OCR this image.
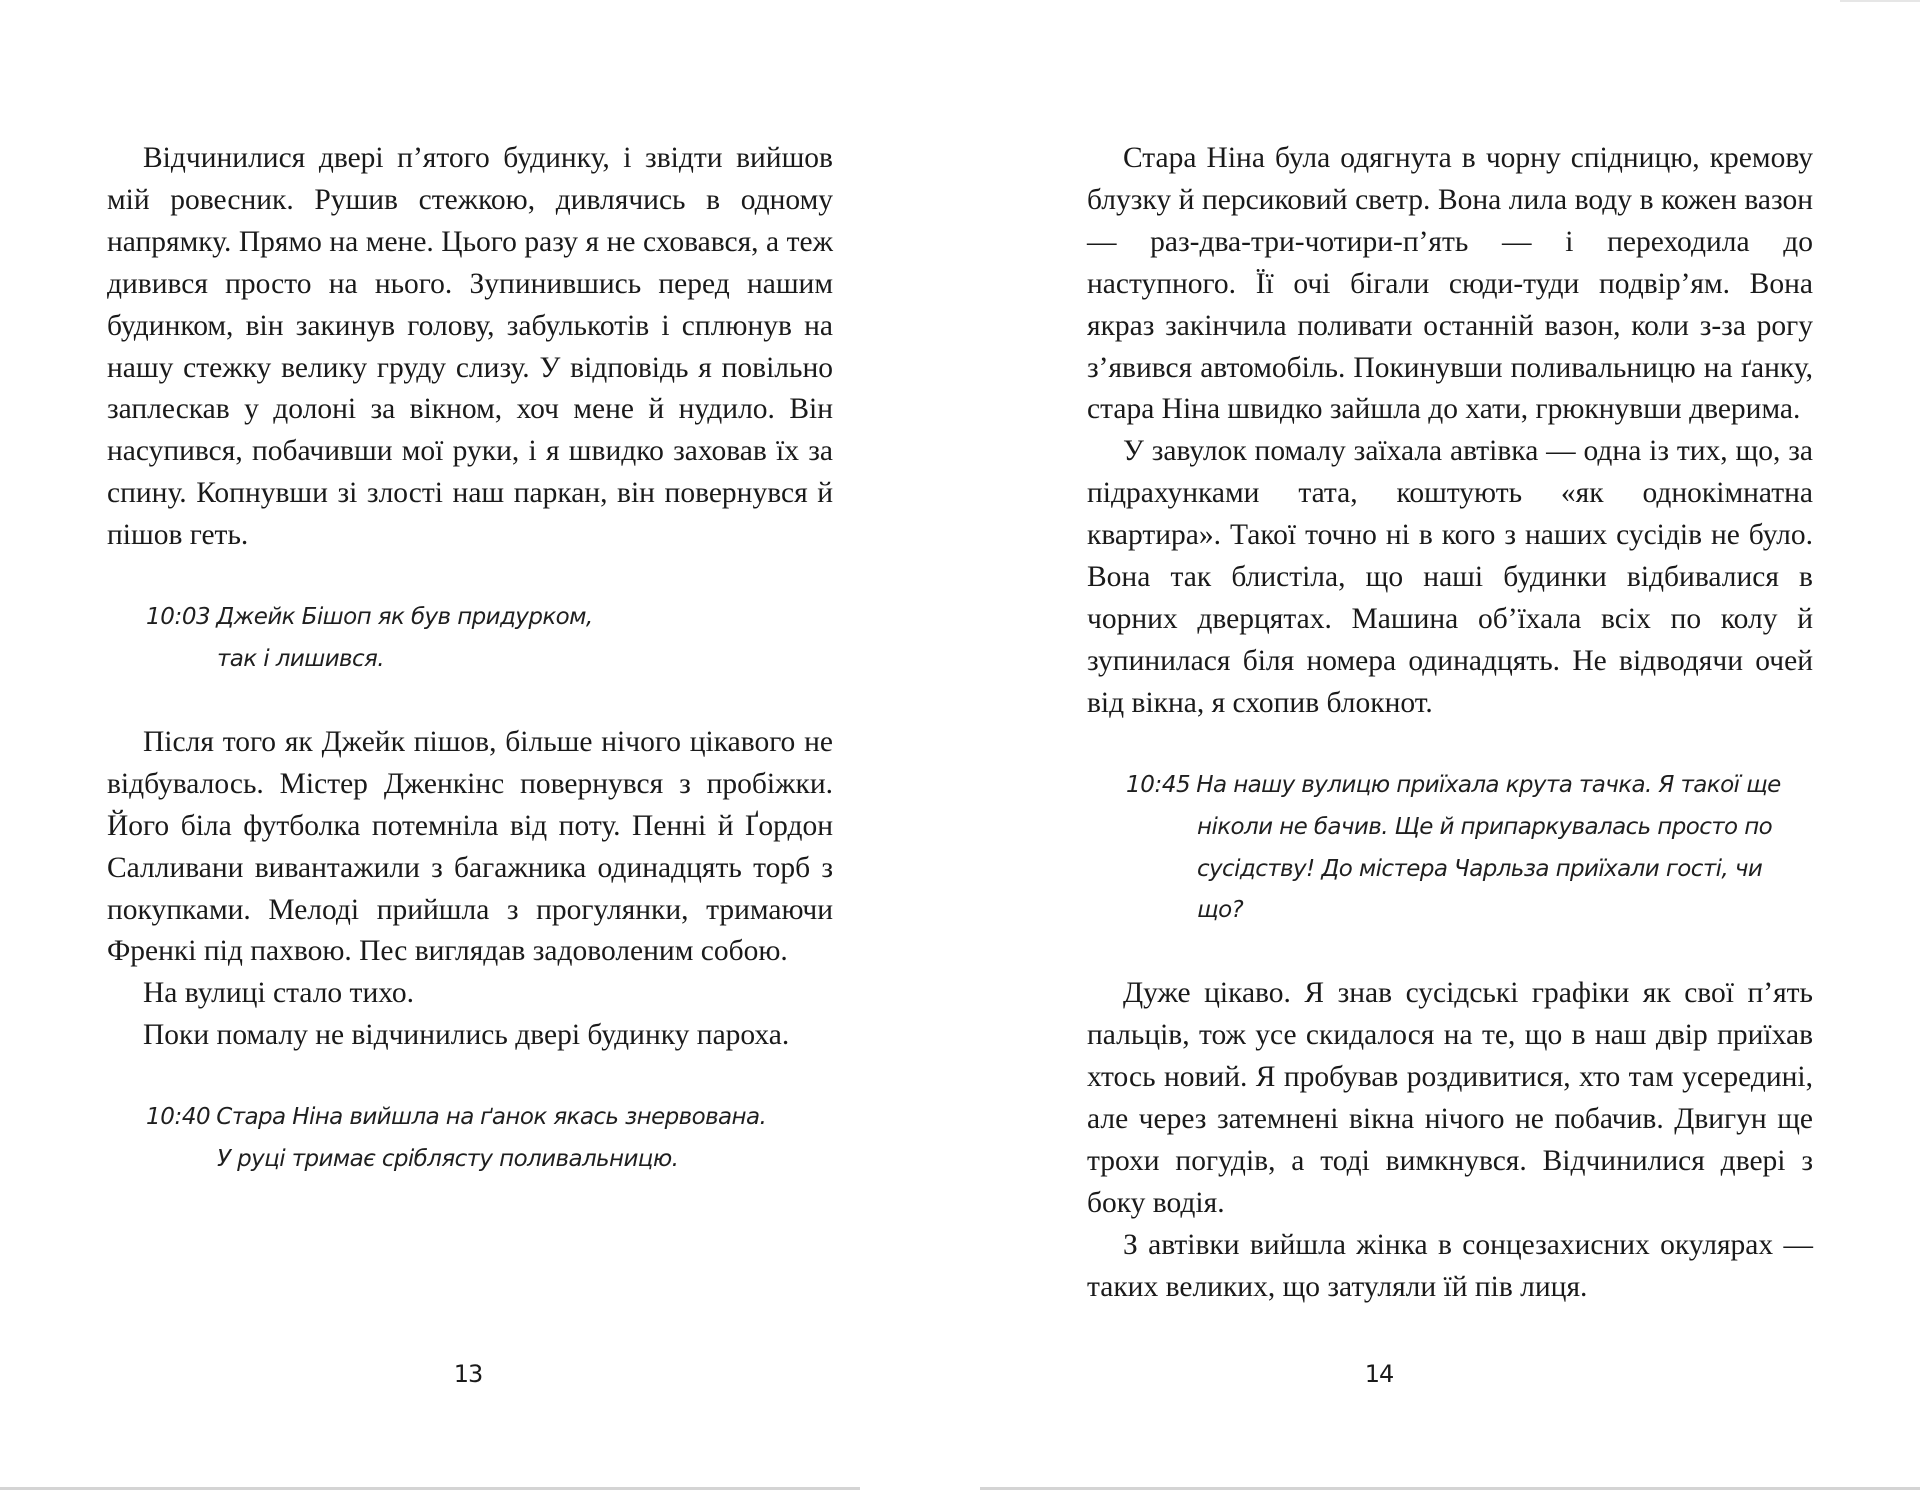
Відчинилися двері п’ятого будинку, і звідти вийшов мій ровесник. Рушив стежкою, дивлячись в одному напрямку. Прямо на мене. Цього разу я не сховався, а теж дивився просто на нього. Зупинившись перед нашим будинком, він закинув голову, забулькотів і сплюнув на нашу стежку велику груду слизу. У відповідь я повільно заплескав у долоні за вікном, хоч мене й нудило. Він насупився, побачивши мої руки, і я швидко заховав їх за спину. Копнувши зі злості наш паркан, він повернувся й пішов геть.

10:03 Джейк Бішоп як був придурком,
так і лишився.

Після того як Джейк пішов, більше нічого цікавого не відбувалось. Містер Дженкінс повернувся з пробіжки. Його біла футболка потемніла від поту. Пенні й Ґордон Салливани вивантажили з багажника одинадцять торб з покупками. Мелоді прийшла з прогулянки, тримаючи Френкі під пахвою. Пес виглядав задоволеним собою.

На вулиці стало тихо.

Поки помалу не відчинились двері будинку пароха.

10:40 Стара Ніна вийшла на ґанок якась знервована.
У руці тримає сріблясту поливальницю.
13

Стара Ніна була одягнута в чорну спідницю, кремову блузку й персиковий светр. Вона лила воду в кожен вазон — раз-два-три-чотири-п’ять — і переходила до наступного. Її очі бігали сюди-туди подвір’ям. Вона якраз закінчила поливати останній вазон, коли з-за рогу з’явився автомобіль. Покинувши поливальницю на ґанку, стара Ніна швидко зайшла до хати, грюкнувши дверима.

У завулок помалу заїхала автівка — одна із тих, що, за підрахунками тата, коштують «як однокімнатна квартира». Такої точно ні в кого з наших сусідів не було. Вона так блистіла, що наші будинки відбивалися в чорних дверцятах. Машина об’їхала всіх по колу й зупинилася біля номера одинадцять. Не відводячи очей від вікна, я схопив блокнот.

10:45 На нашу вулицю приїхала крута тачка. Я такої ще
ніколи не бачив. Ще й припаркувалась просто по
сусідству! До містера Чарльза приїхали гості, чи що?

Дуже цікаво. Я знав сусідські графіки як свої п’ять пальців, тож усе скидалося на те, що в наш двір приїхав хтось новий. Я пробував роздивитися, хто там усередині, але через затемнені вікна нічого не побачив. Двигун ще трохи погудів, а тоді вимкнувся. Відчинилися двері з боку водія.

З автівки вийшла жінка в сонцезахисних окулярах — таких великих, що затуляли їй пів лиця.

14
